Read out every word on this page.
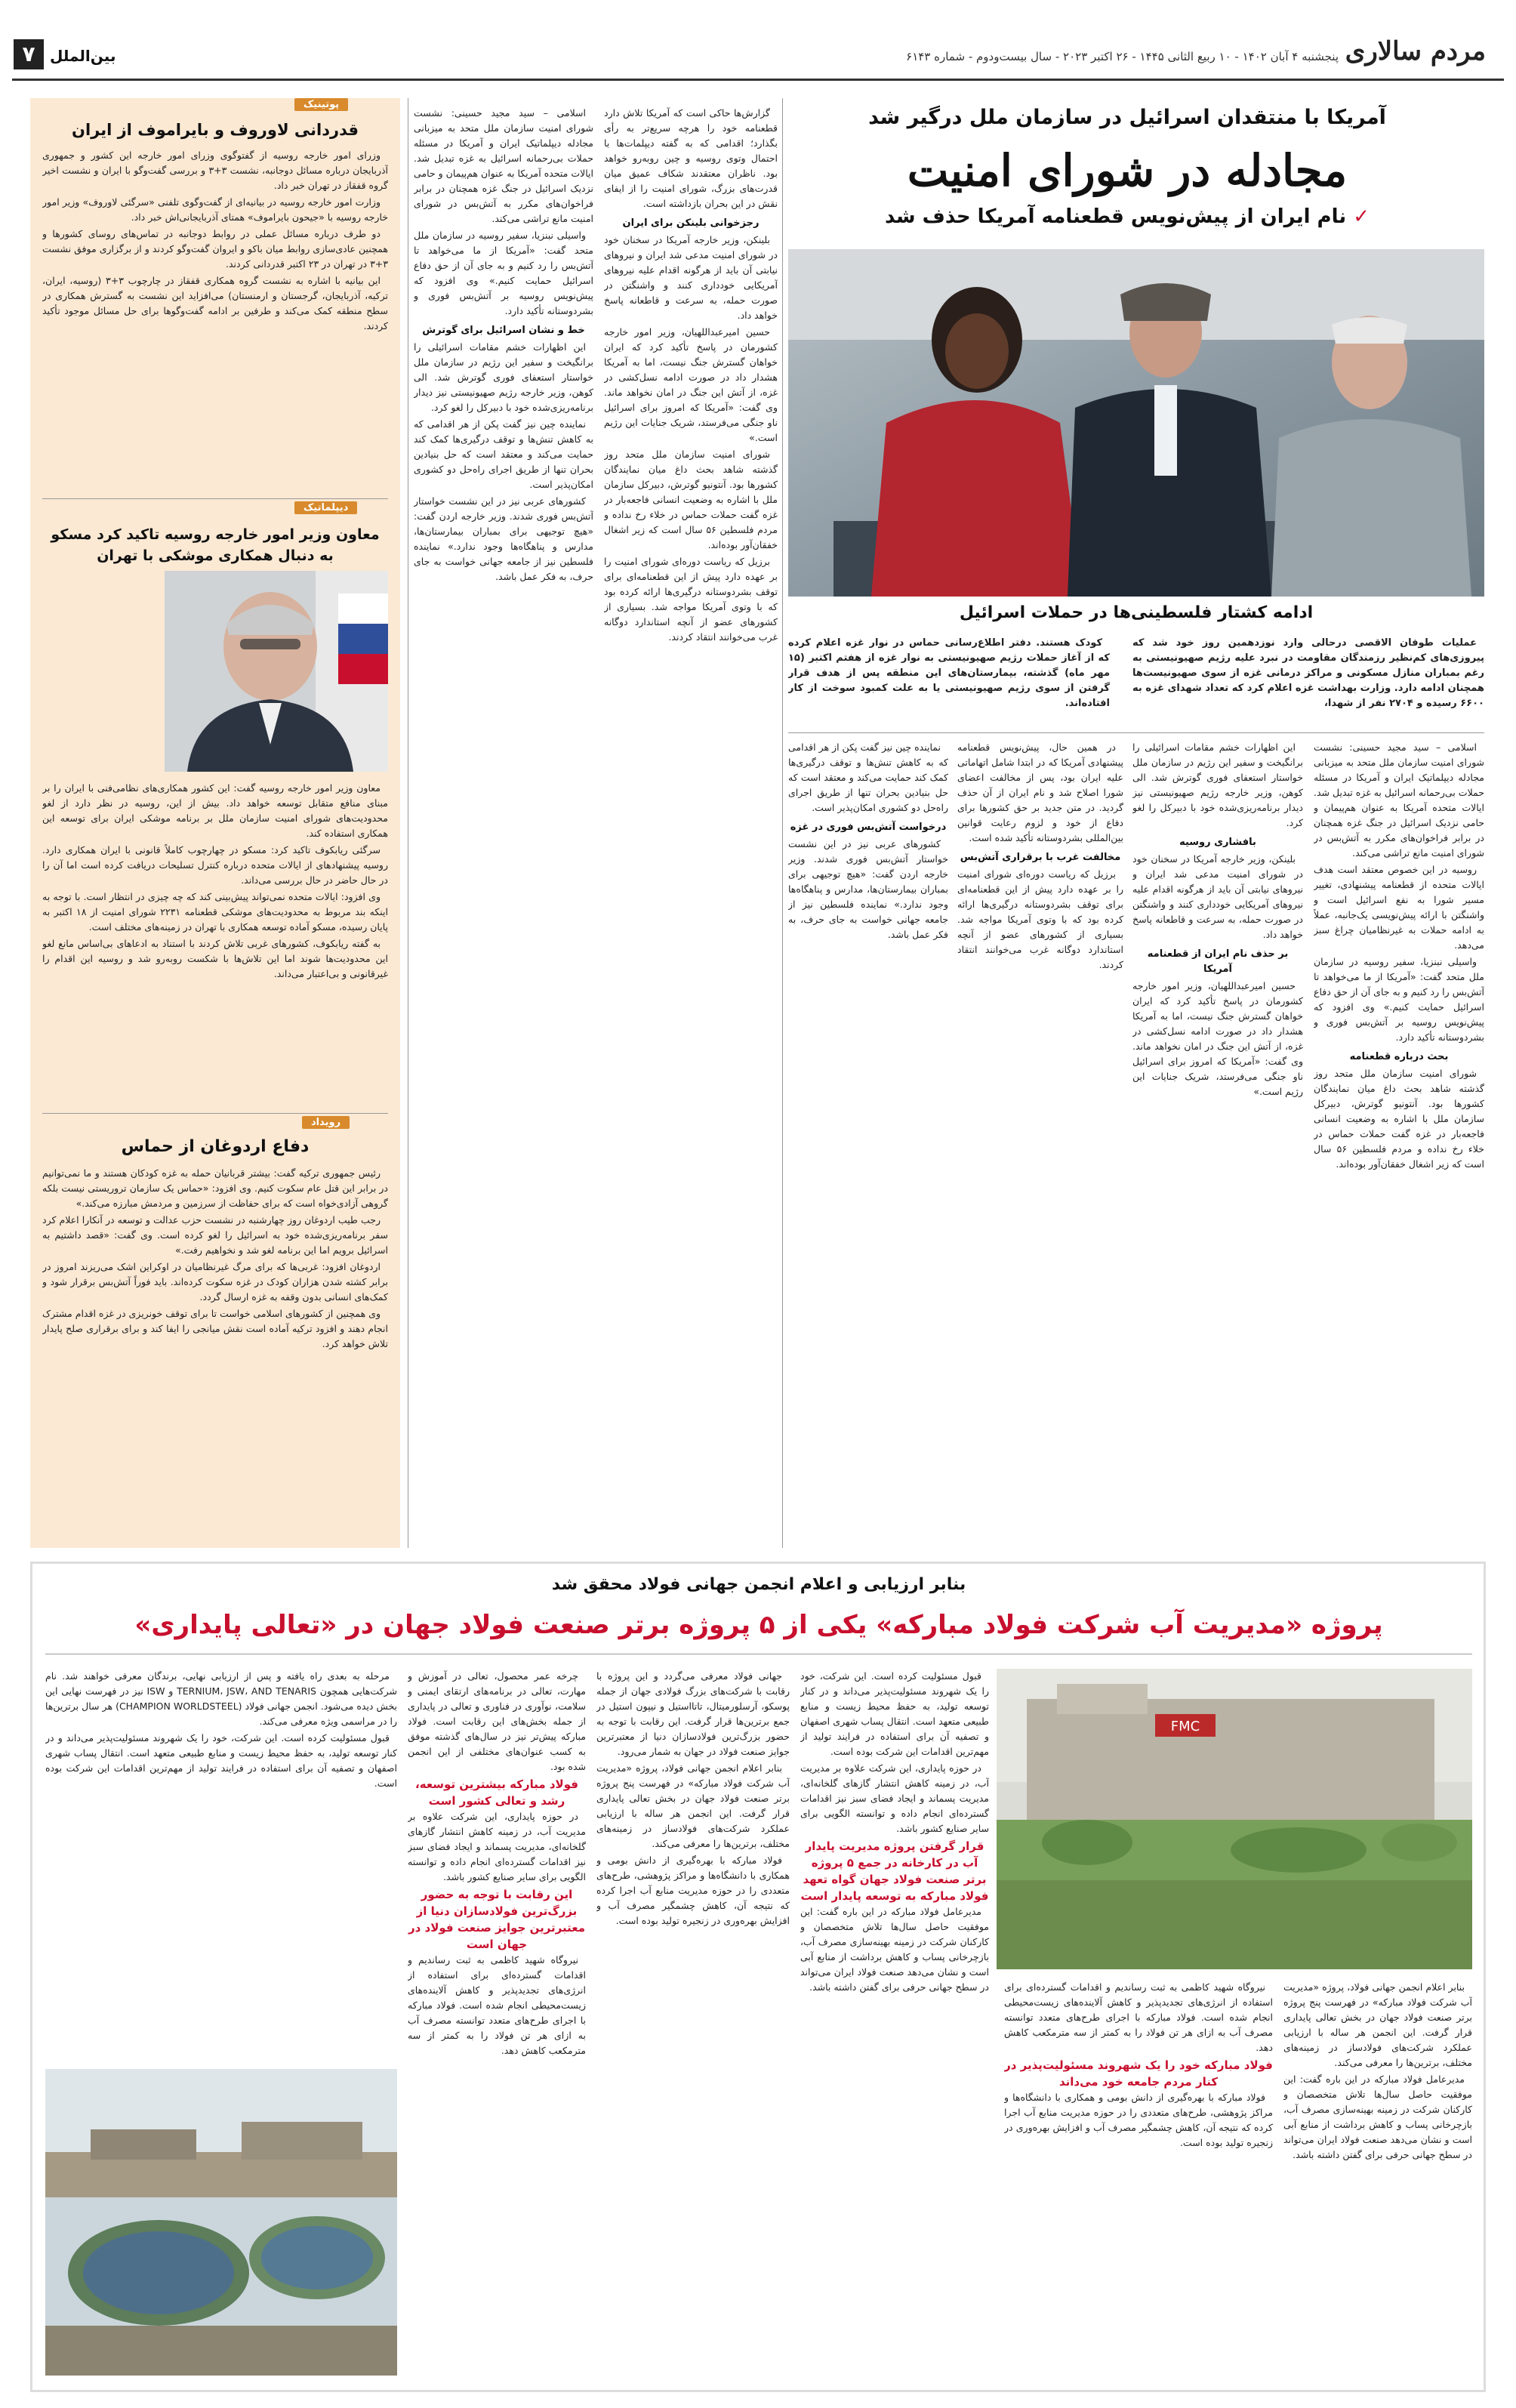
مردم سالاری
پنجشنبه ۴ آبان ۱۴۰۲ - ۱۰ ربیع الثانی ۱۴۴۵ - ۲۶ اکتبر ۲۰۲۳ - سال بیست‌ودوم - شماره ۶۱۴۳
بین‌الملل
۷
آمریکا با منتقدان اسرائیل در سازمان ملل درگیر شد
مجادله در شورای امنیت
✓ نام ایران از پیش‌نویس قطعنامه آمریکا حذف شد
ادامه کشتار فلسطینی‌ها در حملات اسرائیل

کودک هستند. دفتر اطلاع‌رسانی حماس در نوار غزه اعلام کرده که از آغاز حملات رژیم صهیونیستی به نوار غزه از هفتم اکتبر (۱۵ مهر ماه) گذشته، بیمارستان‌های این منطقه پس از هدف قرار گرفتن از سوی رژیم صهیونیستی یا به علت کمبود سوخت از کار افتاده‌اند.

عملیات طوفان الاقصی درحالی وارد نوزدهمین روز خود شد که پیروزی‌های کم‌نظیر رزمندگان مقاومت در نبرد علیه رژیم صهیونیستی به رغم بمباران منازل مسکونی و مراکز درمانی غزه از سوی صهیونیست‌ها همچنان ادامه دارد. وزارت بهداشت غزه اعلام کرد که تعداد شهدای غزه به ۶۶۰۰ رسیده و ۲۷۰۴ نفر از شهدا،

اسلامی – سید مجید حسینی: نشست شورای امنیت سازمان ملل متحد به میزبانی مجادله دیپلماتیک ایران و آمریکا در مسئله حملات بی‌رحمانه اسرائیل به غزه تبدیل شد. ایالات متحده آمریکا به عنوان هم‌پیمان و حامی نزدیک اسرائیل در جنگ غزه همچنان در برابر فراخوان‌های مکرر به آتش‌بس در شورای امنیت مانع تراشی می‌کند.

روسیه در این خصوص معتقد است هدف ایالات متحده از قطعنامه پیشنهادی، تغییر مسیر شورا به نفع اسرائیل است و واشنگتن با ارائه پیش‌نویسی یک‌جانبه، عملاً به ادامه حملات به غیرنظامیان چراغ سبز می‌دهد.

واسیلی نبنزیا، سفیر روسیه در سازمان ملل متحد گفت: «آمریکا از ما می‌خواهد تا آتش‌بس را رد کنیم و به جای آن از حق دفاع اسرائیل حمایت کنیم.» وی افزود که پیش‌نویس روسیه بر آتش‌بس فوری و بشردوستانه تأکید دارد.

بحث درباره قطعنامه

شورای امنیت سازمان ملل متحد روز گذشته شاهد بحث داغ میان نمایندگان کشورها بود. آنتونیو گوترش، دبیرکل سازمان ملل با اشاره به وضعیت انسانی فاجعه‌بار در غزه گفت حملات حماس در خلاء رخ نداده و مردم فلسطین ۵۶ سال است که زیر اشغال خفقان‌آور بوده‌اند.

این اظهارات خشم مقامات اسرائیلی را برانگیخت و سفیر این رژیم در سازمان ملل خواستار استعفای فوری گوترش شد. الی کوهن، وزیر خارجه رژیم صهیونیستی نیز دیدار برنامه‌ریزی‌شده خود با دبیرکل را لغو کرد.

بافشاری روسیه

بلینکن، وزیر خارجه آمریکا در سخنان خود در شورای امنیت مدعی شد ایران و نیروهای نیابتی آن باید از هرگونه اقدام علیه نیروهای آمریکایی خودداری کنند و واشنگتن در صورت حمله، به سرعت و قاطعانه پاسخ خواهد داد.

بر حذف نام ایران از قطعنامه آمریکا

حسین امیرعبداللهیان، وزیر امور خارجه کشورمان در پاسخ تأکید کرد که ایران خواهان گسترش جنگ نیست، اما به آمریکا هشدار داد در صورت ادامه نسل‌کشی در غزه، از آتش این جنگ در امان نخواهد ماند. وی گفت: «آمریکا که امروز برای اسرائیل ناو جنگی می‌فرستد، شریک جنایات این رژیم است.»

در همین حال، پیش‌نویس قطعنامه پیشنهادی آمریکا که در ابتدا شامل اتهاماتی علیه ایران بود، پس از مخالفت اعضای شورا اصلاح شد و نام ایران از آن حذف گردید. در متن جدید بر حق کشورها برای دفاع از خود و لزوم رعایت قوانین بین‌المللی بشردوستانه تأکید شده است.

مخالفت غرب با برقراری آتش‌بس

برزیل که ریاست دوره‌ای شورای امنیت را بر عهده دارد پیش از این قطعنامه‌ای برای توقف بشردوستانه درگیری‌ها ارائه کرده بود که با وتوی آمریکا مواجه شد. بسیاری از کشورهای عضو از آنچه استاندارد دوگانه غرب می‌خوانند انتقاد کردند.

نماینده چین نیز گفت پکن از هر اقدامی که به کاهش تنش‌ها و توقف درگیری‌ها کمک کند حمایت می‌کند و معتقد است که حل بنیادین بحران تنها از طریق اجرای راه‌حل دو کشوری امکان‌پذیر است.

درخواست آتش‌بس فوری در غزه

کشورهای عربی نیز در این نشست خواستار آتش‌بس فوری شدند. وزیر خارجه اردن گفت: «هیچ توجیهی برای بمباران بیمارستان‌ها، مدارس و پناهگاه‌ها وجود ندارد.» نماینده فلسطین نیز از جامعه جهانی خواست به جای حرف، به فکر عمل باشد.

گزارش‌ها حاکی است که آمریکا تلاش دارد قطعنامه خود را هرچه سریع‌تر به رأی بگذارد؛ اقدامی که به گفته دیپلمات‌ها با احتمال وتوی روسیه و چین روبه‌رو خواهد بود. ناظران معتقدند شکاف عمیق میان قدرت‌های بزرگ، شورای امنیت را از ایفای نقش در این بحران بازداشته است.

رجزخوانی بلینکن برای ایران

بلینکن، وزیر خارجه آمریکا در سخنان خود در شورای امنیت مدعی شد ایران و نیروهای نیابتی آن باید از هرگونه اقدام علیه نیروهای آمریکایی خودداری کنند و واشنگتن در صورت حمله، به سرعت و قاطعانه پاسخ خواهد داد.

حسین امیرعبداللهیان، وزیر امور خارجه کشورمان در پاسخ تأکید کرد که ایران خواهان گسترش جنگ نیست، اما به آمریکا هشدار داد در صورت ادامه نسل‌کشی در غزه، از آتش این جنگ در امان نخواهد ماند. وی گفت: «آمریکا که امروز برای اسرائیل ناو جنگی می‌فرستد، شریک جنایات این رژیم است.»

شورای امنیت سازمان ملل متحد روز گذشته شاهد بحث داغ میان نمایندگان کشورها بود. آنتونیو گوترش، دبیرکل سازمان ملل با اشاره به وضعیت انسانی فاجعه‌بار در غزه گفت حملات حماس در خلاء رخ نداده و مردم فلسطین ۵۶ سال است که زیر اشغال خفقان‌آور بوده‌اند.

برزیل که ریاست دوره‌ای شورای امنیت را بر عهده دارد پیش از این قطعنامه‌ای برای توقف بشردوستانه درگیری‌ها ارائه کرده بود که با وتوی آمریکا مواجه شد. بسیاری از کشورهای عضو از آنچه استاندارد دوگانه غرب می‌خوانند انتقاد کردند.

اسلامی – سید مجید حسینی: نشست شورای امنیت سازمان ملل متحد به میزبانی مجادله دیپلماتیک ایران و آمریکا در مسئله حملات بی‌رحمانه اسرائیل به غزه تبدیل شد. ایالات متحده آمریکا به عنوان هم‌پیمان و حامی نزدیک اسرائیل در جنگ غزه همچنان در برابر فراخوان‌های مکرر به آتش‌بس در شورای امنیت مانع تراشی می‌کند.

واسیلی نبنزیا، سفیر روسیه در سازمان ملل متحد گفت: «آمریکا از ما می‌خواهد تا آتش‌بس را رد کنیم و به جای آن از حق دفاع اسرائیل حمایت کنیم.» وی افزود که پیش‌نویس روسیه بر آتش‌بس فوری و بشردوستانه تأکید دارد.

خط و نشان اسرائیل برای گوترش

این اظهارات خشم مقامات اسرائیلی را برانگیخت و سفیر این رژیم در سازمان ملل خواستار استعفای فوری گوترش شد. الی کوهن، وزیر خارجه رژیم صهیونیستی نیز دیدار برنامه‌ریزی‌شده خود با دبیرکل را لغو کرد.

نماینده چین نیز گفت پکن از هر اقدامی که به کاهش تنش‌ها و توقف درگیری‌ها کمک کند حمایت می‌کند و معتقد است که حل بنیادین بحران تنها از طریق اجرای راه‌حل دو کشوری امکان‌پذیر است.

کشورهای عربی نیز در این نشست خواستار آتش‌بس فوری شدند. وزیر خارجه اردن گفت: «هیچ توجیهی برای بمباران بیمارستان‌ها، مدارس و پناهگاه‌ها وجود ندارد.» نماینده فلسطین نیز از جامعه جهانی خواست به جای حرف، به فکر عمل باشد.

پوتینیک
قدردانی لاوروف و بایراموف از ایران

وزرای امور خارجه روسیه از گفتوگوی وزرای امور خارجه این کشور و جمهوری آذربایجان درباره مسائل دوجانبه، نشست ۳+۳ و بررسی گفت‌وگو با ایران و نشست اخیر گروه قفقاز در تهران خبر داد.

وزارت امور خارجه روسیه در بیانیه‌ای از گفت‌وگوی تلفنی «سرگئی لاوروف» وزیر امور خارجه روسیه با «جیحون بایراموف» همتای آذربایجانی‌اش خبر داد.

دو طرف درباره مسائل عملی در روابط دوجانبه در تماس‌های روسای کشورها و همچنین عادی‌سازی روابط میان باکو و ایروان گفت‌وگو کردند و از برگزاری موفق نشست ۳+۳ در تهران در ۲۳ اکتبر قدردانی کردند.

این بیانیه با اشاره به نشست گروه همکاری قفقاز در چارچوب ۳+۳ (روسیه، ایران، ترکیه، آذربایجان، گرجستان و ارمنستان) می‌افزاید این نشست به گسترش همکاری در سطح منطقه کمک می‌کند و طرفین بر ادامه گفت‌وگوها برای حل مسائل موجود تأکید کردند.

دیپلماتیک
معاون وزیر امور خارجه روسیه تاکید کرد مسکو به دنبال همکاری موشکی با تهران

معاون وزیر امور خارجه روسیه گفت: این کشور همکاری‌های نظامی‌فنی با ایران را بر مبنای منافع متقابل توسعه خواهد داد. بیش از این، روسیه در نظر دارد از لغو محدودیت‌های شورای امنیت سازمان ملل بر برنامه موشکی ایران برای توسعه این همکاری استفاده کند.

سرگئی ریابکوف تاکید کرد: مسکو در چهارچوب کاملاً قانونی با ایران همکاری دارد. روسیه پیشنهادهای از ایالات متحده درباره کنترل تسلیحات دریافت کرده است اما آن را در حال حاضر در حال بررسی می‌داند.

وی افزود: ایالات متحده نمی‌تواند پیش‌بینی کند که چه چیزی در انتظار است. با توجه به اینکه بند مربوط به محدودیت‌های موشکی قطعنامه ۲۲۳۱ شورای امنیت از ۱۸ اکتبر به پایان رسیده، مسکو آماده توسعه همکاری با تهران در زمینه‌های مختلف است.

به گفته ریابکوف، کشورهای غربی تلاش کردند با استناد به ادعاهای بی‌اساس مانع لغو این محدودیت‌ها شوند اما این تلاش‌ها با شکست روبه‌رو شد و روسیه این اقدام را غیرقانونی و بی‌اعتبار می‌داند.

رویداد
دفاع اردوغان از حماس

رئیس جمهوری ترکیه گفت: بیشتر قربانیان حمله به غزه کودکان هستند و ما نمی‌توانیم در برابر این قتل عام سکوت کنیم. وی افزود: «حماس یک سازمان تروریستی نیست بلکه گروهی آزادی‌خواه است که برای حفاظت از سرزمین و مردمش مبارزه می‌کند.»

رجب طیب اردوغان روز چهارشنبه در نشست حزب عدالت و توسعه در آنکارا اعلام کرد سفر برنامه‌ریزی‌شده خود به اسرائیل را لغو کرده است. وی گفت: «قصد داشتیم به اسرائیل برویم اما این برنامه لغو شد و نخواهیم رفت.»

اردوغان افزود: غربی‌ها که برای مرگ غیرنظامیان در اوکراین اشک می‌ریزند امروز در برابر کشته شدن هزاران کودک در غزه سکوت کرده‌اند. باید فوراً آتش‌بس برقرار شود و کمک‌های انسانی بدون وقفه به غزه ارسال گردد.

وی همچنین از کشورهای اسلامی خواست تا برای توقف خونریزی در غزه اقدام مشترک انجام دهند و افزود ترکیه آماده است نقش میانجی را ایفا کند و برای برقراری صلح پایدار تلاش خواهد کرد.

بنابر ارزیابی و اعلام انجمن جهانی فولاد محقق شد
پروژه «مدیریت آب شرکت فولاد مبارکه» یکی از ۵ پروژه برتر صنعت فولاد جهان در «تعالی پایداری»
FMC

بنابر اعلام انجمن جهانی فولاد، پروژه «مدیریت آب شرکت فولاد مبارکه» در فهرست پنج پروژه برتر صنعت فولاد جهان در بخش تعالی پایداری قرار گرفت. این انجمن هر ساله با ارزیابی عملکرد شرکت‌های فولادساز در زمینه‌های مختلف، برترین‌ها را معرفی می‌کند.

مدیرعامل فولاد مبارکه در این باره گفت: این موفقیت حاصل سال‌ها تلاش متخصصان و کارکنان شرکت در زمینه بهینه‌سازی مصرف آب، بازچرخانی پساب و کاهش برداشت از منابع آبی است و نشان می‌دهد صنعت فولاد ایران می‌تواند در سطح جهانی حرفی برای گفتن داشته باشد.

نیروگاه شهید کاظمی به ثبت رساندیم و اقدامات گسترده‌ای برای استفاده از انرژی‌های تجدیدپذیر و کاهش آلاینده‌های زیست‌محیطی انجام شده است. فولاد مبارکه با اجرای طرح‌های متعدد توانسته مصرف آب به ازای هر تن فولاد را به کمتر از سه مترمکعب کاهش دهد.

فولاد مبارکه خود را یک شهروند مسئولیت‌پذیر در کنار مردم جامعه خود می‌داند

فولاد مبارکه با بهره‌گیری از دانش بومی و همکاری با دانشگاه‌ها و مراکز پژوهشی، طرح‌های متعددی را در حوزه مدیریت منابع آب اجرا کرده که نتیجه آن، کاهش چشمگیر مصرف آب و افزایش بهره‌وری در زنجیره تولید بوده است.

قبول مسئولیت کرده است. این شرکت، خود را یک شهروند مسئولیت‌پذیر می‌داند و در کنار توسعه تولید، به حفظ محیط زیست و منابع طبیعی متعهد است. انتقال پساب شهری اصفهان و تصفیه آن برای استفاده در فرایند تولید از مهم‌ترین اقدامات این شرکت بوده است.

در حوزه پایداری، این شرکت علاوه بر مدیریت آب، در زمینه کاهش انتشار گازهای گلخانه‌ای، مدیریت پسماند و ایجاد فضای سبز نیز اقدامات گسترده‌ای انجام داده و توانسته الگویی برای سایر صنایع کشور باشد.

قرار گرفتن پروژه مدیریت پایدار آب در کارخانه در جمع ۵ پروژه برتر صنعت فولاد جهان گواه تعهد فولاد مبارکه به توسعه پایدار است

مدیرعامل فولاد مبارکه در این باره گفت: این موفقیت حاصل سال‌ها تلاش متخصصان و کارکنان شرکت در زمینه بهینه‌سازی مصرف آب، بازچرخانی پساب و کاهش برداشت از منابع آبی است و نشان می‌دهد صنعت فولاد ایران می‌تواند در سطح جهانی حرفی برای گفتن داشته باشد.

جهانی فولاد معرفی می‌گردد و این پروژه با رقابت با شرکت‌های بزرگ فولادی جهان از جمله پوسکو، آرسلورمیتال، تاتااستیل و نیپون استیل در جمع برترین‌ها قرار گرفت. این رقابت با توجه به حضور بزرگ‌ترین فولادسازان دنیا از معتبرترین جوایز صنعت فولاد در جهان به شمار می‌رود.

بنابر اعلام انجمن جهانی فولاد، پروژه «مدیریت آب شرکت فولاد مبارکه» در فهرست پنج پروژه برتر صنعت فولاد جهان در بخش تعالی پایداری قرار گرفت. این انجمن هر ساله با ارزیابی عملکرد شرکت‌های فولادساز در زمینه‌های مختلف، برترین‌ها را معرفی می‌کند.

فولاد مبارکه با بهره‌گیری از دانش بومی و همکاری با دانشگاه‌ها و مراکز پژوهشی، طرح‌های متعددی را در حوزه مدیریت منابع آب اجرا کرده که نتیجه آن، کاهش چشمگیر مصرف آب و افزایش بهره‌وری در زنجیره تولید بوده است.

چرخه عمر محصول، تعالی در آموزش و مهارت، تعالی در برنامه‌های ارتقای ایمنی و سلامت، نوآوری در فناوری و تعالی در پایداری از جمله بخش‌های این رقابت است. فولاد مبارکه پیش‌تر نیز در سال‌های گذشته موفق به کسب عنوان‌های مختلفی از این انجمن شده بود.

فولاد مبارکه بیشترین توسعه، رشد و تعالی کشور است

در حوزه پایداری، این شرکت علاوه بر مدیریت آب، در زمینه کاهش انتشار گازهای گلخانه‌ای، مدیریت پسماند و ایجاد فضای سبز نیز اقدامات گسترده‌ای انجام داده و توانسته الگویی برای سایر صنایع کشور باشد.

این رقابت با توجه به حضور بزرگ‌ترین فولادسازان دنیا از معتبرترین جوایز صنعت فولاد در جهان است

نیروگاه شهید کاظمی به ثبت رساندیم و اقدامات گسترده‌ای برای استفاده از انرژی‌های تجدیدپذیر و کاهش آلاینده‌های زیست‌محیطی انجام شده است. فولاد مبارکه با اجرای طرح‌های متعدد توانسته مصرف آب به ازای هر تن فولاد را به کمتر از سه مترمکعب کاهش دهد.

مرحله به بعدی راه یافته و پس از ارزیابی نهایی، برندگان معرفی خواهند شد. نام شرکت‌هایی همچون TERNIUM، JSW، AND TENARIS و ISW نیز در فهرست نهایی این بخش دیده می‌شود. انجمن جهانی فولاد (CHAMPION WORLDSTEEL) هر سال برترین‌ها را در مراسمی ویژه معرفی می‌کند.

قبول مسئولیت کرده است. این شرکت، خود را یک شهروند مسئولیت‌پذیر می‌داند و در کنار توسعه تولید، به حفظ محیط زیست و منابع طبیعی متعهد است. انتقال پساب شهری اصفهان و تصفیه آن برای استفاده در فرایند تولید از مهم‌ترین اقدامات این شرکت بوده است.
